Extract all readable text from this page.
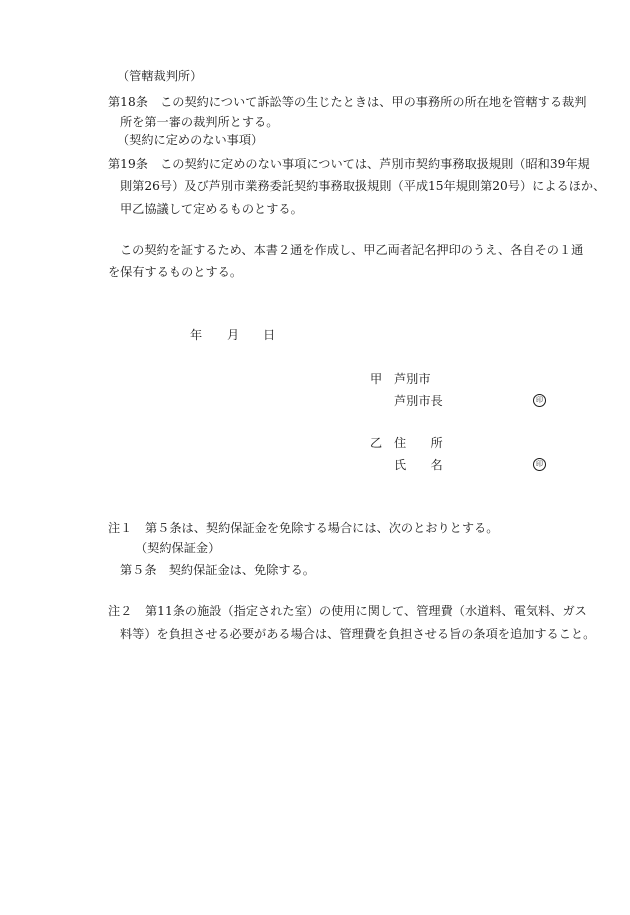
（管轄裁判所）
第18条　この契約について訴訟等の生じたときは、甲の事務所の所在地を管轄する裁判
所を第一審の裁判所とする。
（契約に定めのない事項）
第19条　この契約に定めのない事項については、芦別市契約事務取扱規則（昭和39年規
則第26号）及び芦別市業務委託契約事務取扱規則（平成15年規則第20号）によるほか、
甲乙協議して定めるものとする。
この契約を証するため、本書２通を作成し、甲乙両者記名押印のうえ、各自その１通
を保有するものとする。
年 月 日
甲 芦別市
芦別市長	印
乙 住　　所
氏　　名	印
注１ 第５条は、契約保証金を免除する場合には、次のとおりとする。
（契約保証金）
第５条　契約保証金は、免除する。
注２ 第11条の施設（指定された室）の使用に関して、管理費（水道料、電気料、ガス
料等）を負担させる必要がある場合は、管理費を負担させる旨の条項を追加すること。
